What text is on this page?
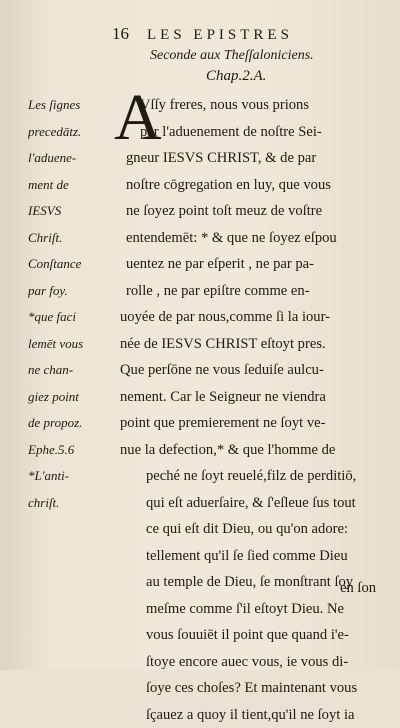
16 LES EPISTRES
Seconde aux Theſſaloniciens.
Chap.2.A.
Les ſignes
precedātz.
l'aduene-
ment de
IESVS
Chriſt.
Conſtance
par foy.
*que faci
lemēt vous
ne chan-
giez point
de propoz.
Ephe.5.6
*L'anti-
chriſt.
A
Vſſy freres, nous vous prions
par l'aduenement de noſtre Sei-
gneur IESVS CHRIST, & de par
noſtre cōgregation en luy, que vous
ne ſoyez point toſt meuz de voſtre
entendemēt: * & que ne ſoyez eſpou
uentez ne par eſperit , ne par pa-
rolle , ne par epiſtre comme en-
uoyée de par nous,comme ſi la iour-
née de IESVS CHRIST eſtoyt pres.
Que perſōne ne vous ſeduiſe aulcu-
nement. Car le Seigneur ne viendra
point que premierement ne ſoyt ve-
nue la defection,* & que l'homme de
peché ne ſoyt reuelé,filz de perditiō,
qui eſt aduerſaire, & ſ'eſleue ſus tout
ce qui eſt dit Dieu, ou qu'on adore:
tellement qu'il ſe ſied comme Dieu
au temple de Dieu, ſe monſtrant ſoy
meſme comme ſ'il eſtoyt Dieu. Ne
vous ſouuiēt il point que quand i'e-
ſtoye encore auec vous, ie vous di-
ſoye ces choſes? Et maintenant vous
ſçauez a quoy il tient,qu'il ne ſoyt ia
en ſon
